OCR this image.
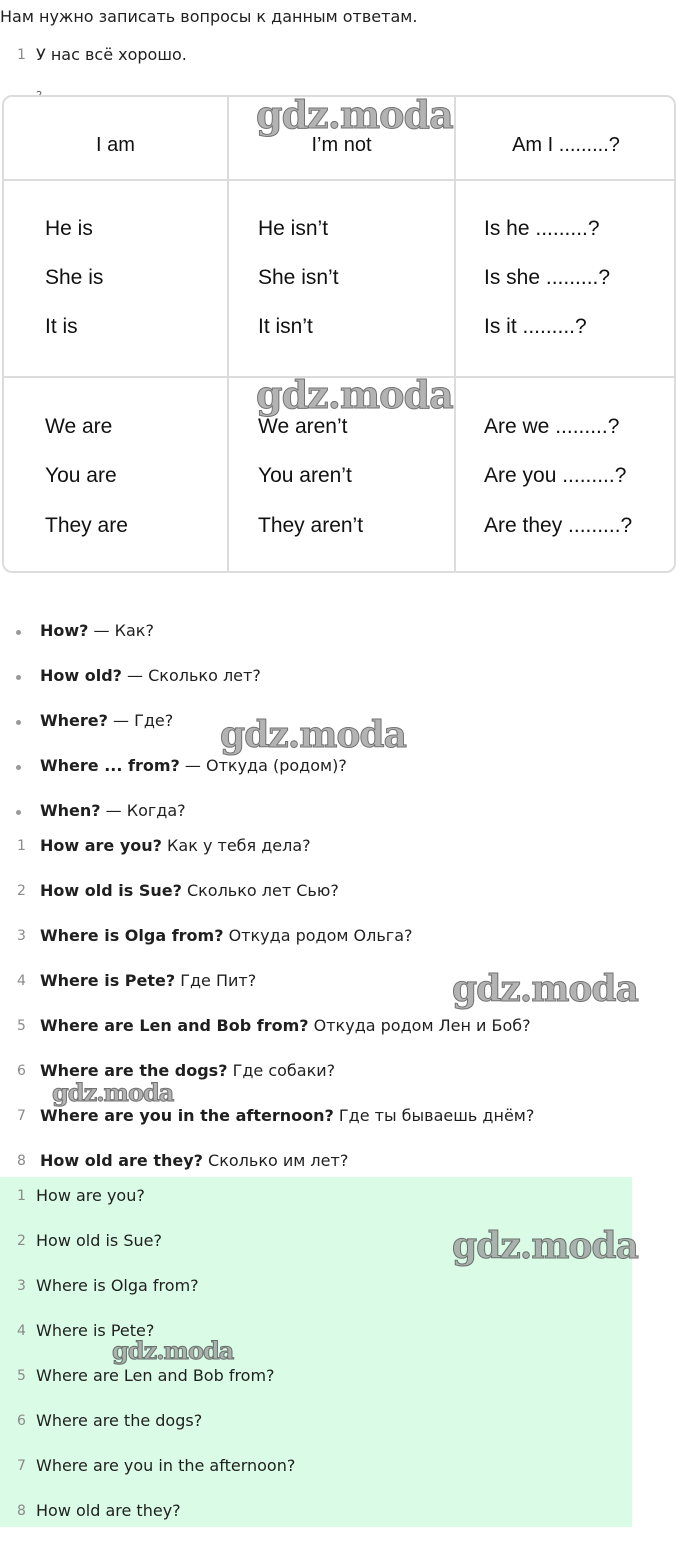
Нам нужно записать вопросы к данным ответам.
1 У нас всё хорошо.
I am	I’m not	Am I .........?
He is
She is
It is
He isn’t
She isn’t
It isn’t
Is he .........?
Is she .........?
Is it .........?
We are
You are
They are
We aren’t
You aren’t
They aren’t
Are we .........?
Are you .........?
Are they .........?
How? — Как?
How old? — Сколько лет?
Where? — Где?
Where ... from? — Откуда (родом)?
When? — Когда?
1 How are you? Как у тебя дела?
2 How old is Sue? Сколько лет Сью?
3 Where is Olga from? Откуда родом Ольга?
4 Where is Pete? Где Пит?
5 Where are Len and Bob from? Откуда родом Лен и Боб?
6 Where are the dogs? Где собаки?
7 Where are you in the afternoon? Где ты бываешь днём?
8 How old are they? Сколько им лет?
1 How are you?
2 How old is Sue?
3 Where is Olga from?
4 Where is Pete?
5 Where are Len and Bob from?
6 Where are the dogs?
7 Where are you in the afternoon?
8 How old are they?
gdz.moda
gdz.moda
gdz.moda
gdz.moda
gdz.moda
gdz.moda
gdz.moda
